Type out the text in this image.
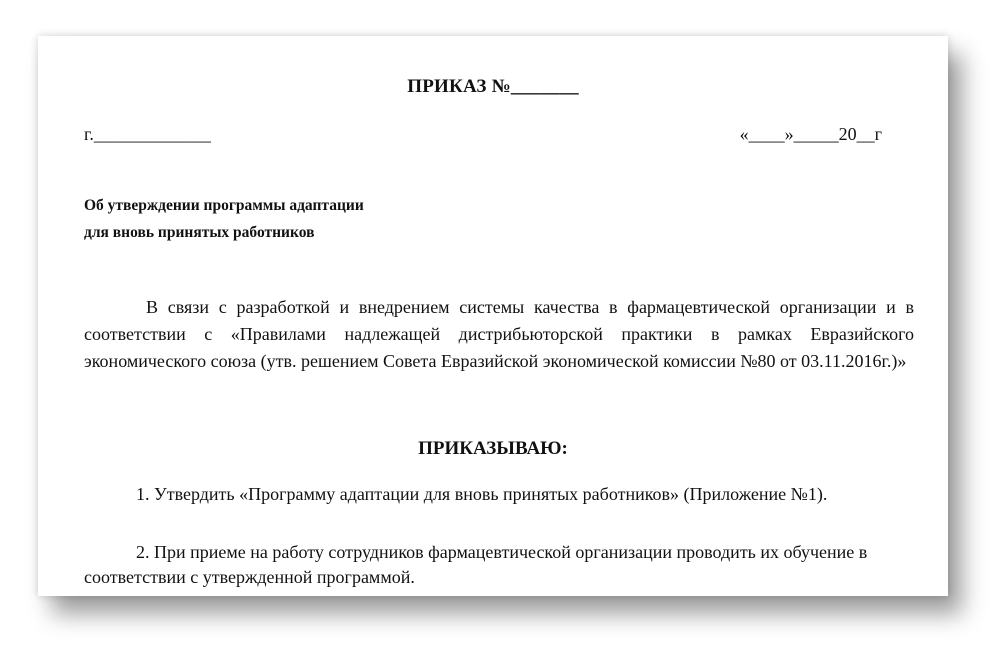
ПРИКАЗ №_______
г._____________	«____»_____20__г
Об утверждении программы адаптации
для вновь принятых работников
В связи с разработкой и внедрением системы качества в фармацевтической организации и в соответствии с «Правилами надлежащей дистрибьюторской практики в рамках Евразийского экономического союза (утв. решением Совета Евразийской экономической комиссии №80 от 03.11.2016г.)»
ПРИКАЗЫВАЮ:
1. Утвердить «Программу адаптации для вновь принятых работников» (Приложение №1).
2. При приеме на работу сотрудников фармацевтической организации проводить их обучение в соответствии с утвержденной программой.
